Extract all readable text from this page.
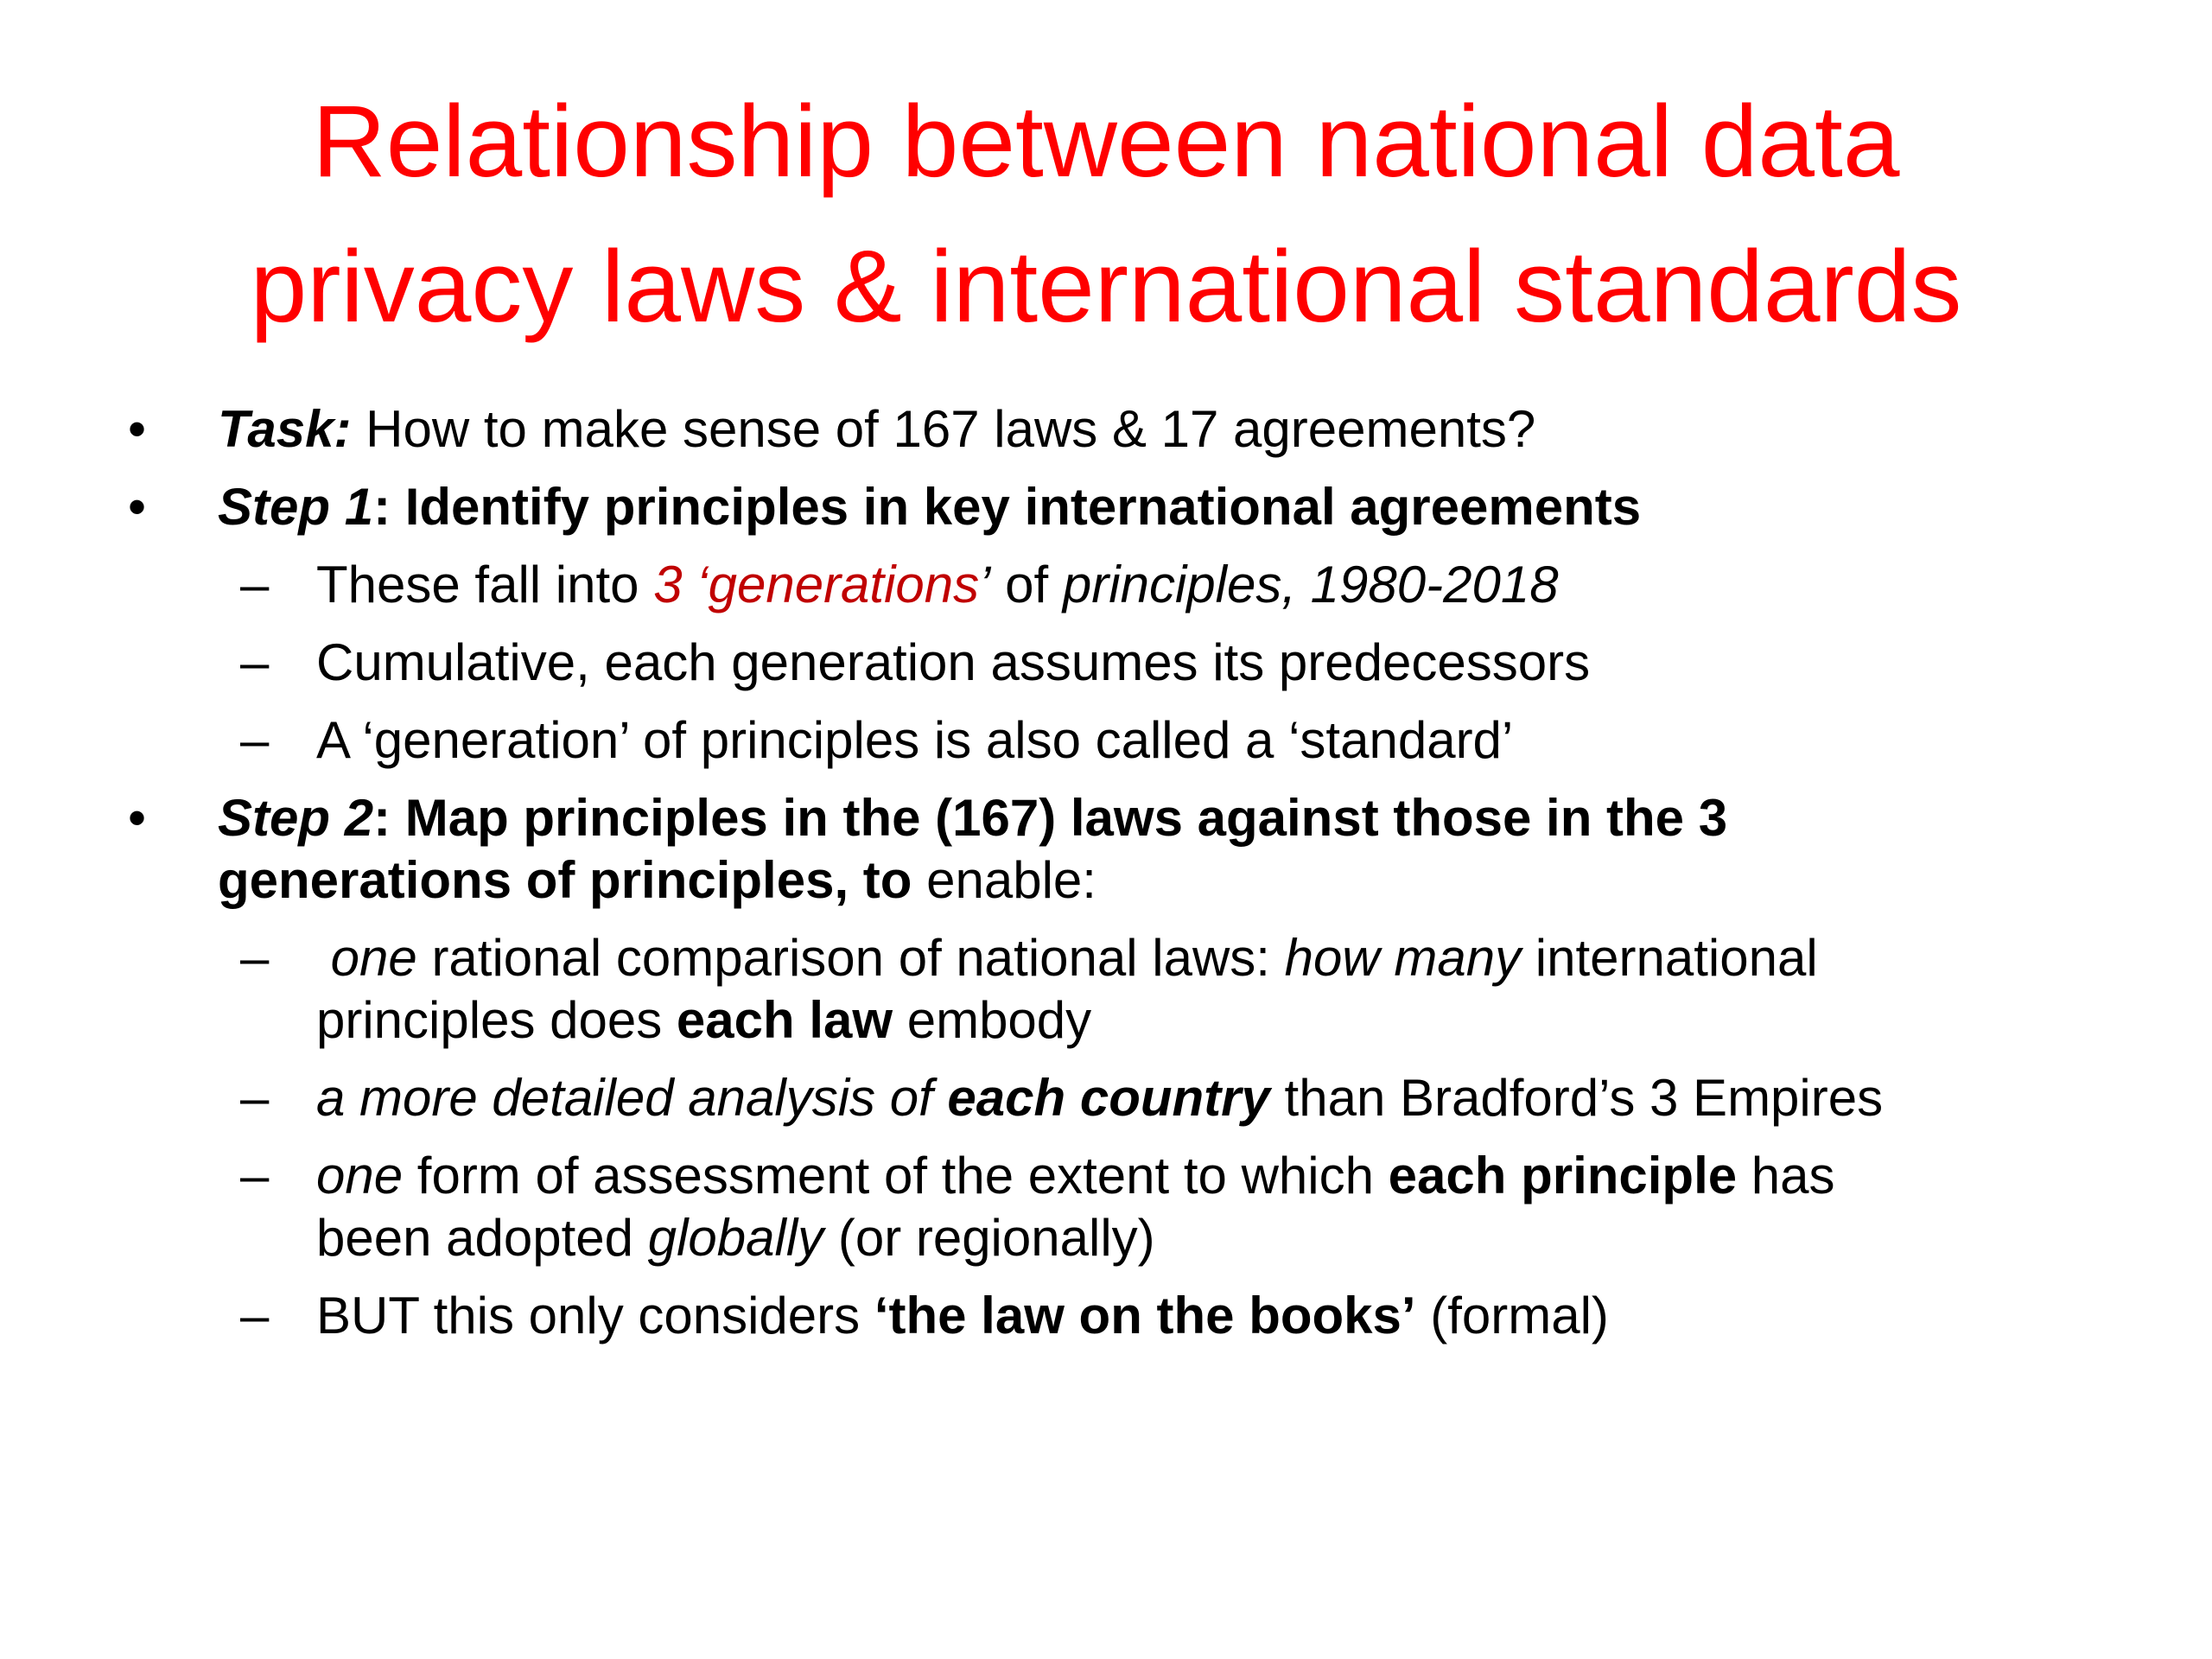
Relationship between national data
privacy laws & international standards
• Task: How to make sense of 167 laws & 17 agreements?
• Step 1: Identify principles in key international agreements
– These fall into 3 ‘generations’ of principles, 1980-2018
– Cumulative, each generation assumes its predecessors
– A ‘generation’ of principles is also called a ‘standard’
• Step 2: Map principles in the (167) laws against those in the 3
generations of principles, to enable:
– one rational comparison of national laws: how many international
principles does each law embody
– a more detailed analysis of each country than Bradford’s 3 Empires
– one form of assessment of the extent to which each principle has
been adopted globally (or regionally)
– BUT this only considers ‘the law on the books’ (formal)
